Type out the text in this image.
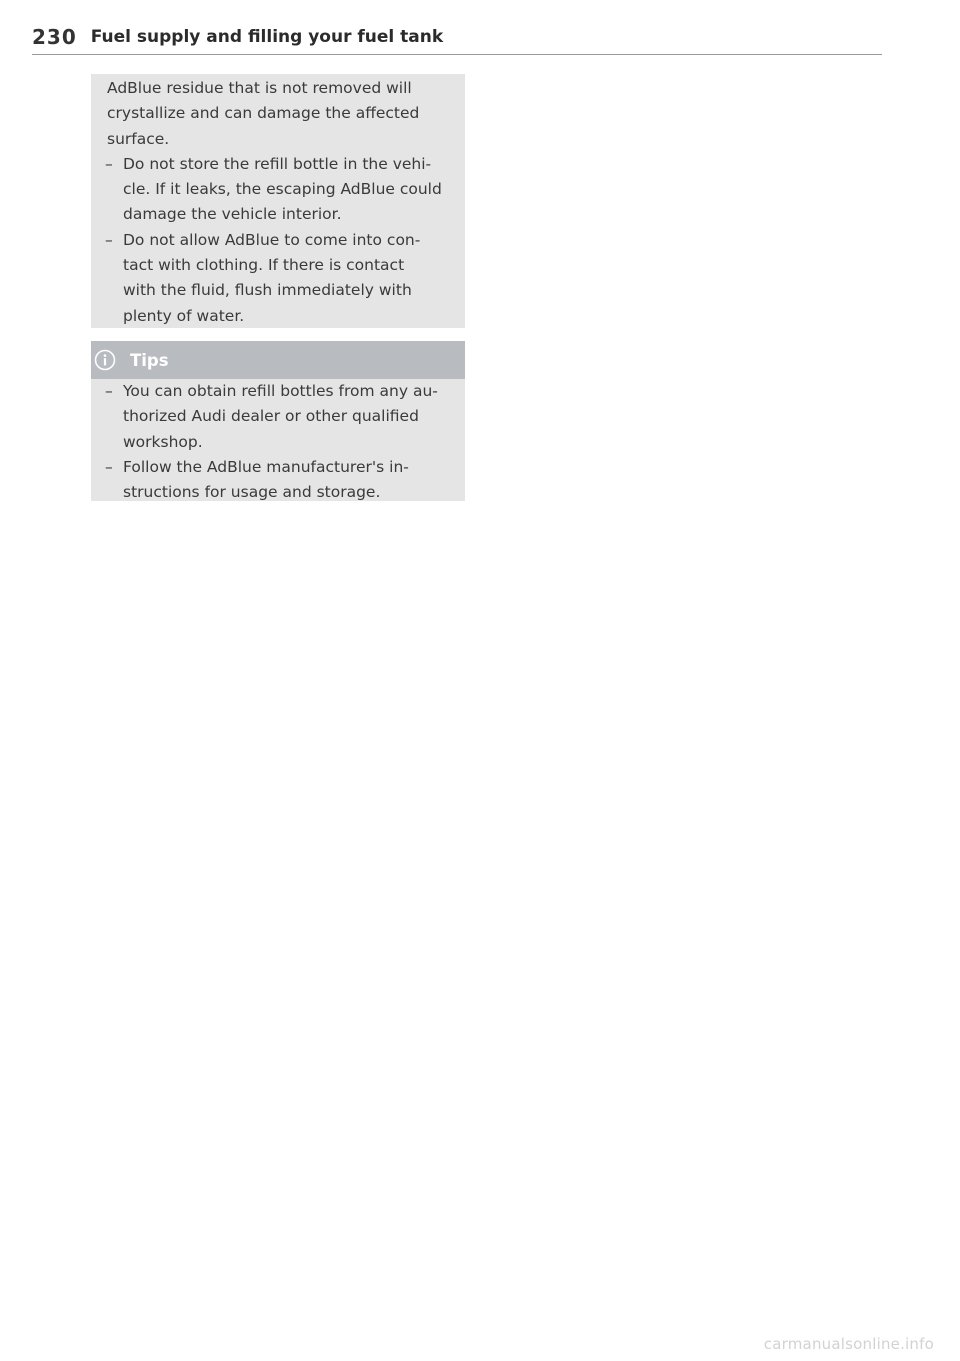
230 Fuel supply and filling your fuel tank

AdBlue residue that is not removed will
crystallize and can damage the affected
surface.

– Do not store the refill bottle in the vehi-
cle. If it leaks, the escaping AdBlue could
damage the vehicle interior.
– Do not allow AdBlue to come into con-
tact with clothing. If there is contact
with the fluid, flush immediately with
plenty of water.
Tips
– You can obtain refill bottles from any au-
thorized Audi dealer or other qualified
workshop.
– Follow the AdBlue manufacturer's in-
structions for usage and storage.
carmanualsonline.info
